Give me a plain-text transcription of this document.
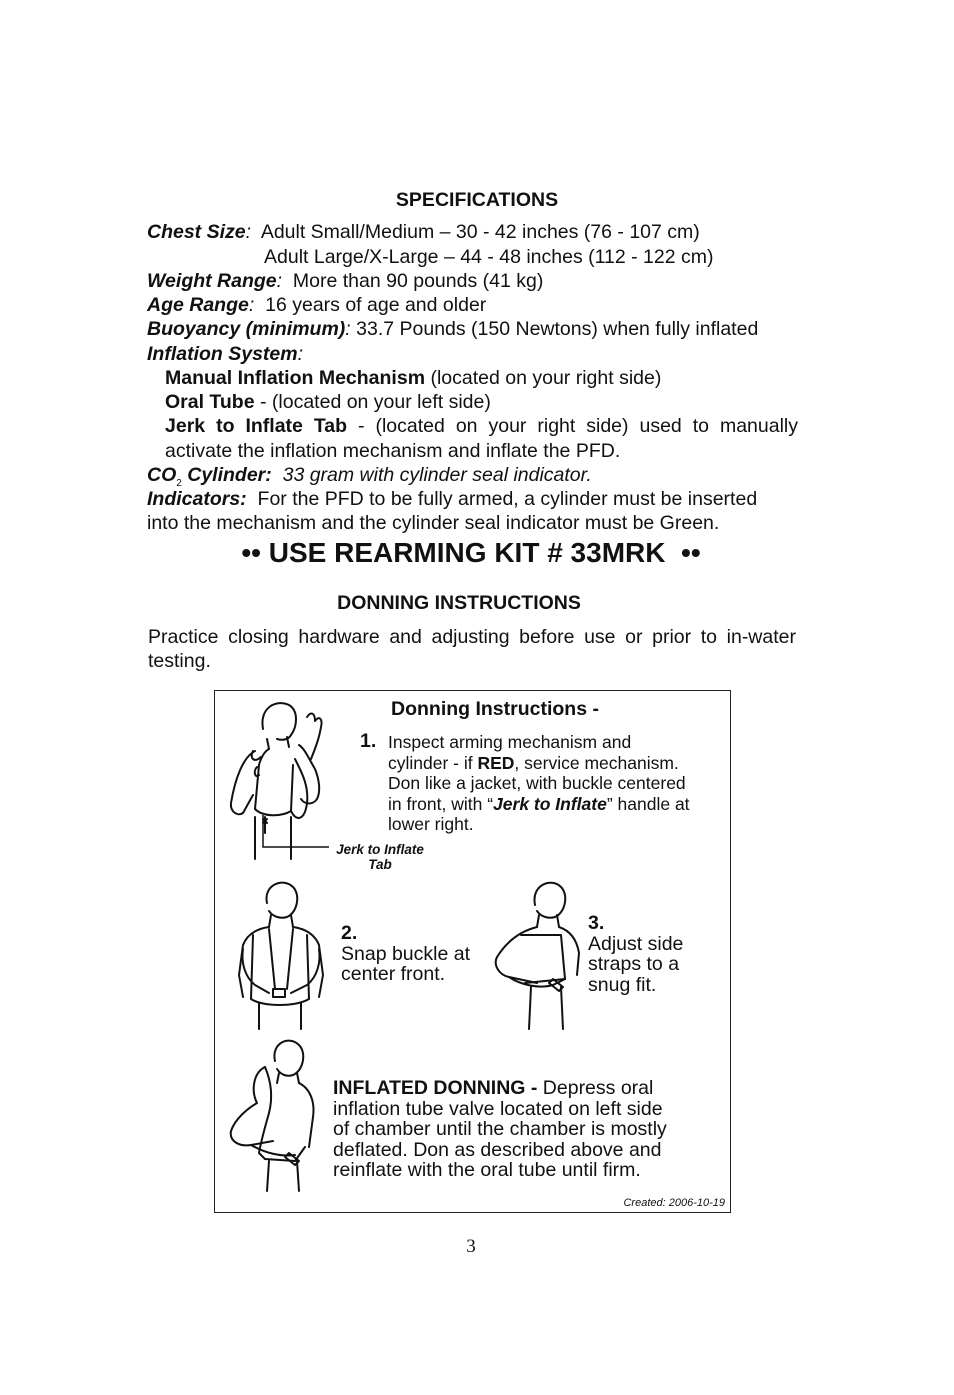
SPECIFICATIONS
Chest Size: Adult Small/Medium – 30 - 42 inches (76 - 107 cm)
Adult Large/X-Large – 44 - 48 inches (112 - 122 cm)
Weight Range: More than 90 pounds (41 kg)
Age Range: 16 years of age and older
Buoyancy (minimum): 33.7 Pounds (150 Newtons) when fully inflated
Inflation System:
Manual Inflation Mechanism (located on your right side)
Oral Tube - (located on your left side)
Jerk to Inflate Tab - (located on your right side) used to manually
activate the inflation mechanism and inflate the PFD.
$CO_2$ Cylinder: 33 gram with cylinder seal indicator.
Indicators: For the PFD to be fully armed, a cylinder must be inserted
into the mechanism and the cylinder seal indicator must be Green.
•• USE REARMING KIT # 33MRK  ••
DONNING INSTRUCTIONS
Practice closing hardware and adjusting before use or prior to in-water
testing.
Donning Instructions -
Jerk to Inflate
Tab
1. Inspect arming mechanism and
cylinder - if RED, service mechanism.
Don like a jacket, with buckle centered
in front, with “Jerk to Inflate” handle at
lower right.
2.
Snap buckle at
center front.
3.
Adjust side
straps to a
snug fit.
INFLATED DONNING - Depress oral
inflation tube valve located on left side
of chamber until the chamber is mostly
deflated. Don as described above and
reinflate with the oral tube until firm.
Created: 2006-10-19
3
